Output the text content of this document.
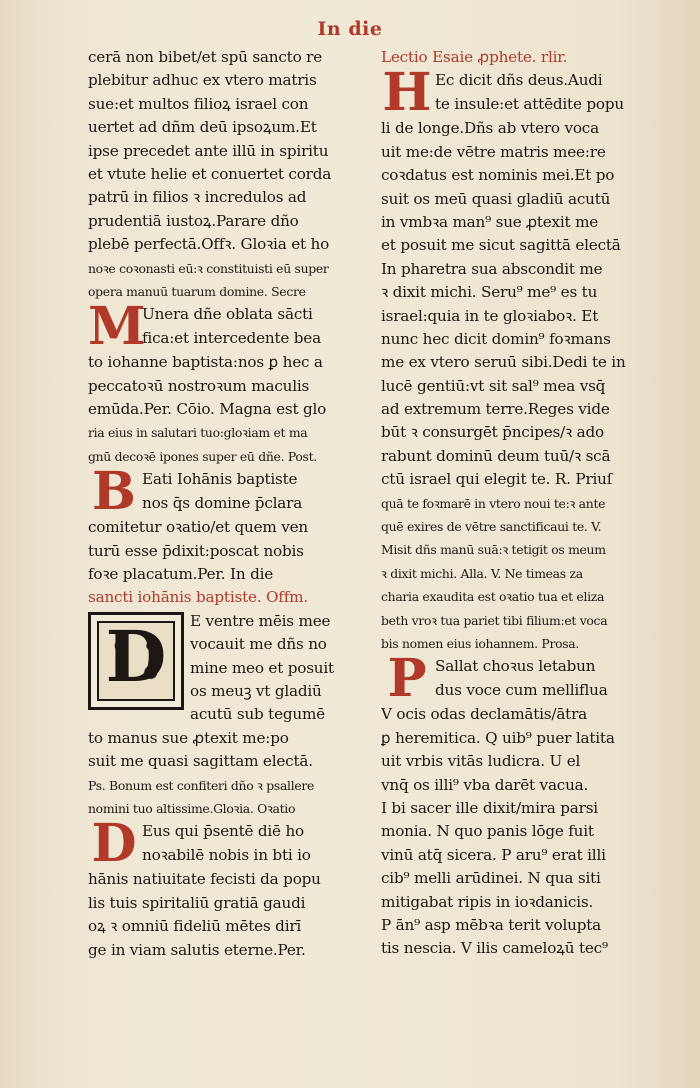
In die
cerā non bibet/et spū sancto re
plebitur adhuc ex vtero matris
sue:et multos filioꝝ israel con
uertet ad dñm deū ipsoꝝum.Et
ipse precedet ante illū in spiritu
et vtute helie et conuertet corda
patrū in filios ꝛ incredulos ad
prudentiā iustoꝝ.Parare dño
plebē perfectā.Offꝛ. Gloꝛia et ho
noꝛe coꝛonasti eū:ꝛ constituisti eū super
opera manuū tuarum domine. Secre
M
Unera dñe oblata sācti
fica:et intercedente bea
to iohanne baptista:nos ꝑ hec a
peccatoꝛū nostroꝛum maculis
emūda.Per. Cōio. Magna est glo
ria eius in salutari tuo:gloꝛiam et ma
gnū decoꝛē ipones super eū dñe. Post.
B Eati Iohānis baptiste
nos q̄s domine p̄clara
comitetur oꝛatio/et quem ven
turū esse p̄dixit:poscat nobis
foꝛe placatum.Per. In die
sancti iohānis baptiste. Offm.
D	E ventre mēis mee
vocauit me dñs no
mine meo et posuit
os meuꝫ vt gladiū
acutū sub tegumē
to manus sue ꝓtexit me:po
suit me quasi sagittam electā.
Ps. Bonum est confiteri dño ꝛ psallere
nomini tuo altissime.Gloꝛia. Oꝛatio
D Eus qui p̄sentē diē ho
noꝛabilē nobis in bti io
hānis natiuitate fecisti da popu
lis tuis spiritaliū gratiā gaudi
oꝝ ꝛ omniū fideliū mētes dirī
ge in viam salutis eterne.Per.
Lectio Esaie ꝓphete. rlir.
H Ec dicit dñs deus.Audi
te insule:et attēdite popu
li de longe.Dñs ab vtero voca
uit me:de vētre matris mee:re
coꝛdatus est nominis mei.Et po
suit os meū quasi gladiū acutū
in vmbꝛa man⁹ sue ꝓtexit me
et posuit me sicut sagittā electā
In pharetra sua abscondit me
ꝛ dixit michi. Seru⁹ me⁹ es tu
israel:quia in te gloꝛiaboꝛ. Et
nunc hec dicit domin⁹ foꝛmans
me ex vtero seruū sibi.Dedi te in
lucē gentiū:vt sit sal⁹ mea vsq̄
ad extremum terre.Reges vide
būt ꝛ consurgēt p̄ncipes/ꝛ ado
rabunt dominū deum tuū/ꝛ scā
ctū israel qui elegit te. R. Priuſ
quā te foꝛmarē in vtero noui te:ꝛ ante
quē exires de vētre sanctificaui te. V.
Misit dñs manū suā:ꝛ tetigit os meum
ꝛ dixit michi. Alla. V. Ne timeas za
charia exaudita est oꝛatio tua et eliza
beth vroꝛ tua pariet tibi filium:et voca
bis nomen eius iohannem. Prosa.
P Sallat choꝛus letabun
dus voce cum melliflua
V ocis odas declamātis/ātra
ꝑ heremitica. Q uib⁹ puer latita
uit vrbis vitās ludicra. U el
vnq̄ os illi⁹ vba darēt vacua.
I bi sacer ille dixit/mira parsi
monia. N quo panis lōge fuit
vinū atq̄ sicera. P aru⁹ erat illi
cib⁹ melli arūdinei. N qua siti
mitigabat ripis in ioꝛdanicis.
P ān⁹ asp mēbꝛa terit volupta
tis nescia. V ilis cameloꝝū tec⁹
